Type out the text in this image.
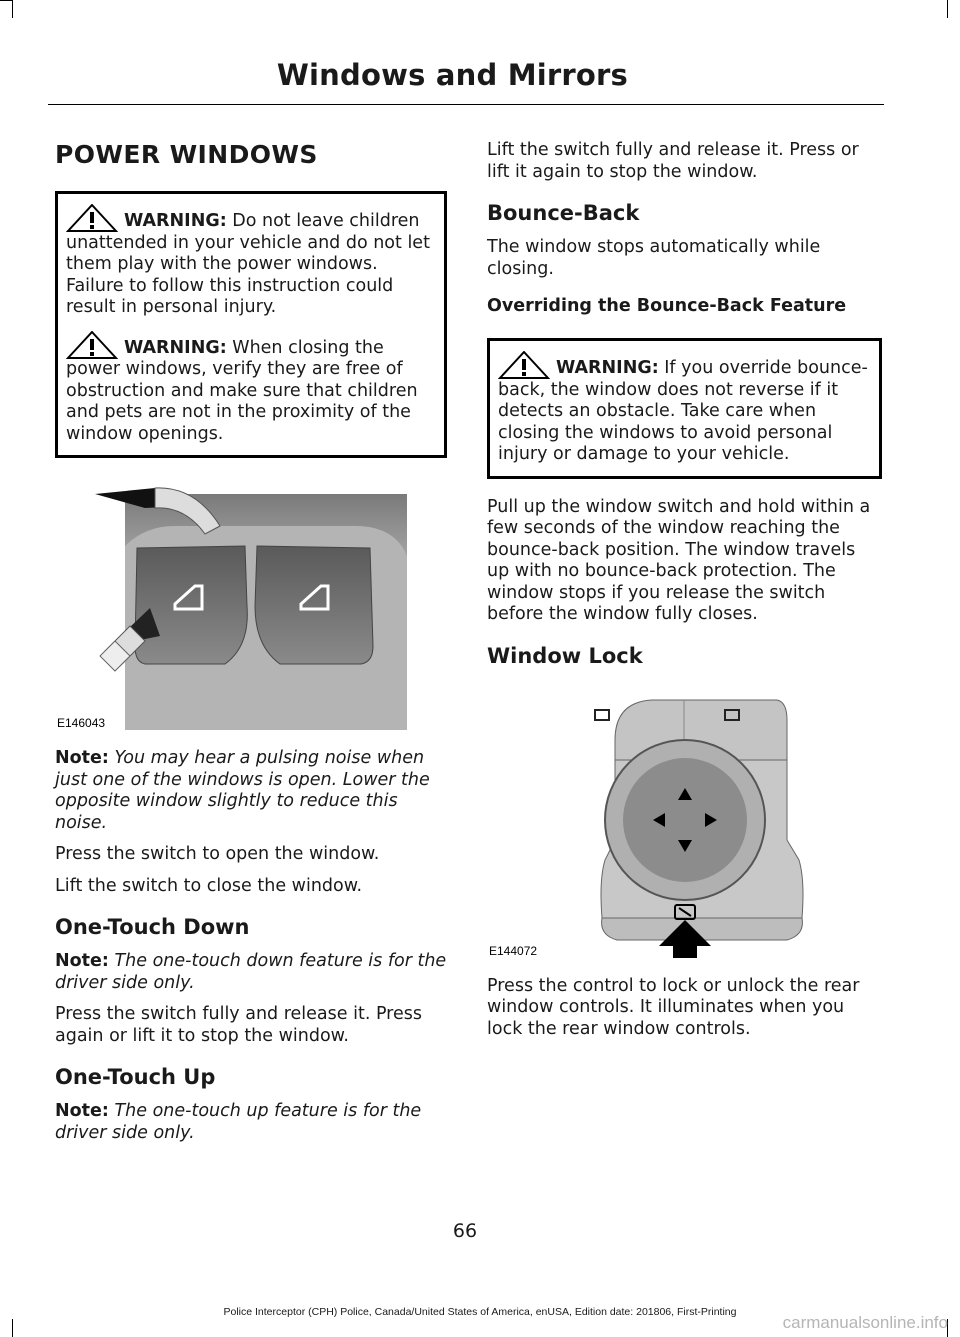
Windows and Mirrors
POWER WINDOWS
WARNING: Do not leave children unattended in your vehicle and do not let them play with the power windows. Failure to follow this instruction could result in personal injury.
WARNING: When closing the power windows, verify they are free of obstruction and make sure that children and pets are not in the proximity of the window openings.
E146043

Note: You may hear a pulsing noise when just one of the windows is open. Lower the opposite window slightly to reduce this noise.

Press the switch to open the window.

Lift the switch to close the window.

One-Touch Down

Note: The one-touch down feature is for the driver side only.

Press the switch fully and release it. Press again or lift it to stop the window.

One-Touch Up

Note: The one-touch up feature is for the driver side only.

Lift the switch fully and release it. Press or lift it again to stop the window.

Bounce-Back

The window stops automatically while closing.

Overriding the Bounce-Back Feature
WARNING: If you override bounce-back, the window does not reverse if it detects an obstacle. Take care when closing the windows to avoid personal injury or damage to your vehicle.

Pull up the window switch and hold within a few seconds of the window reaching the bounce-back position. The window travels up with no bounce-back protection. The window stops if you release the switch before the window fully closes.

Window Lock
E144072

Press the control to lock or unlock the rear window controls. It illuminates when you lock the rear window controls.

66
Police Interceptor (CPH) Police, Canada/United States of America, enUSA, Edition date: 201806, First-Printing
carmanualsonline.info
